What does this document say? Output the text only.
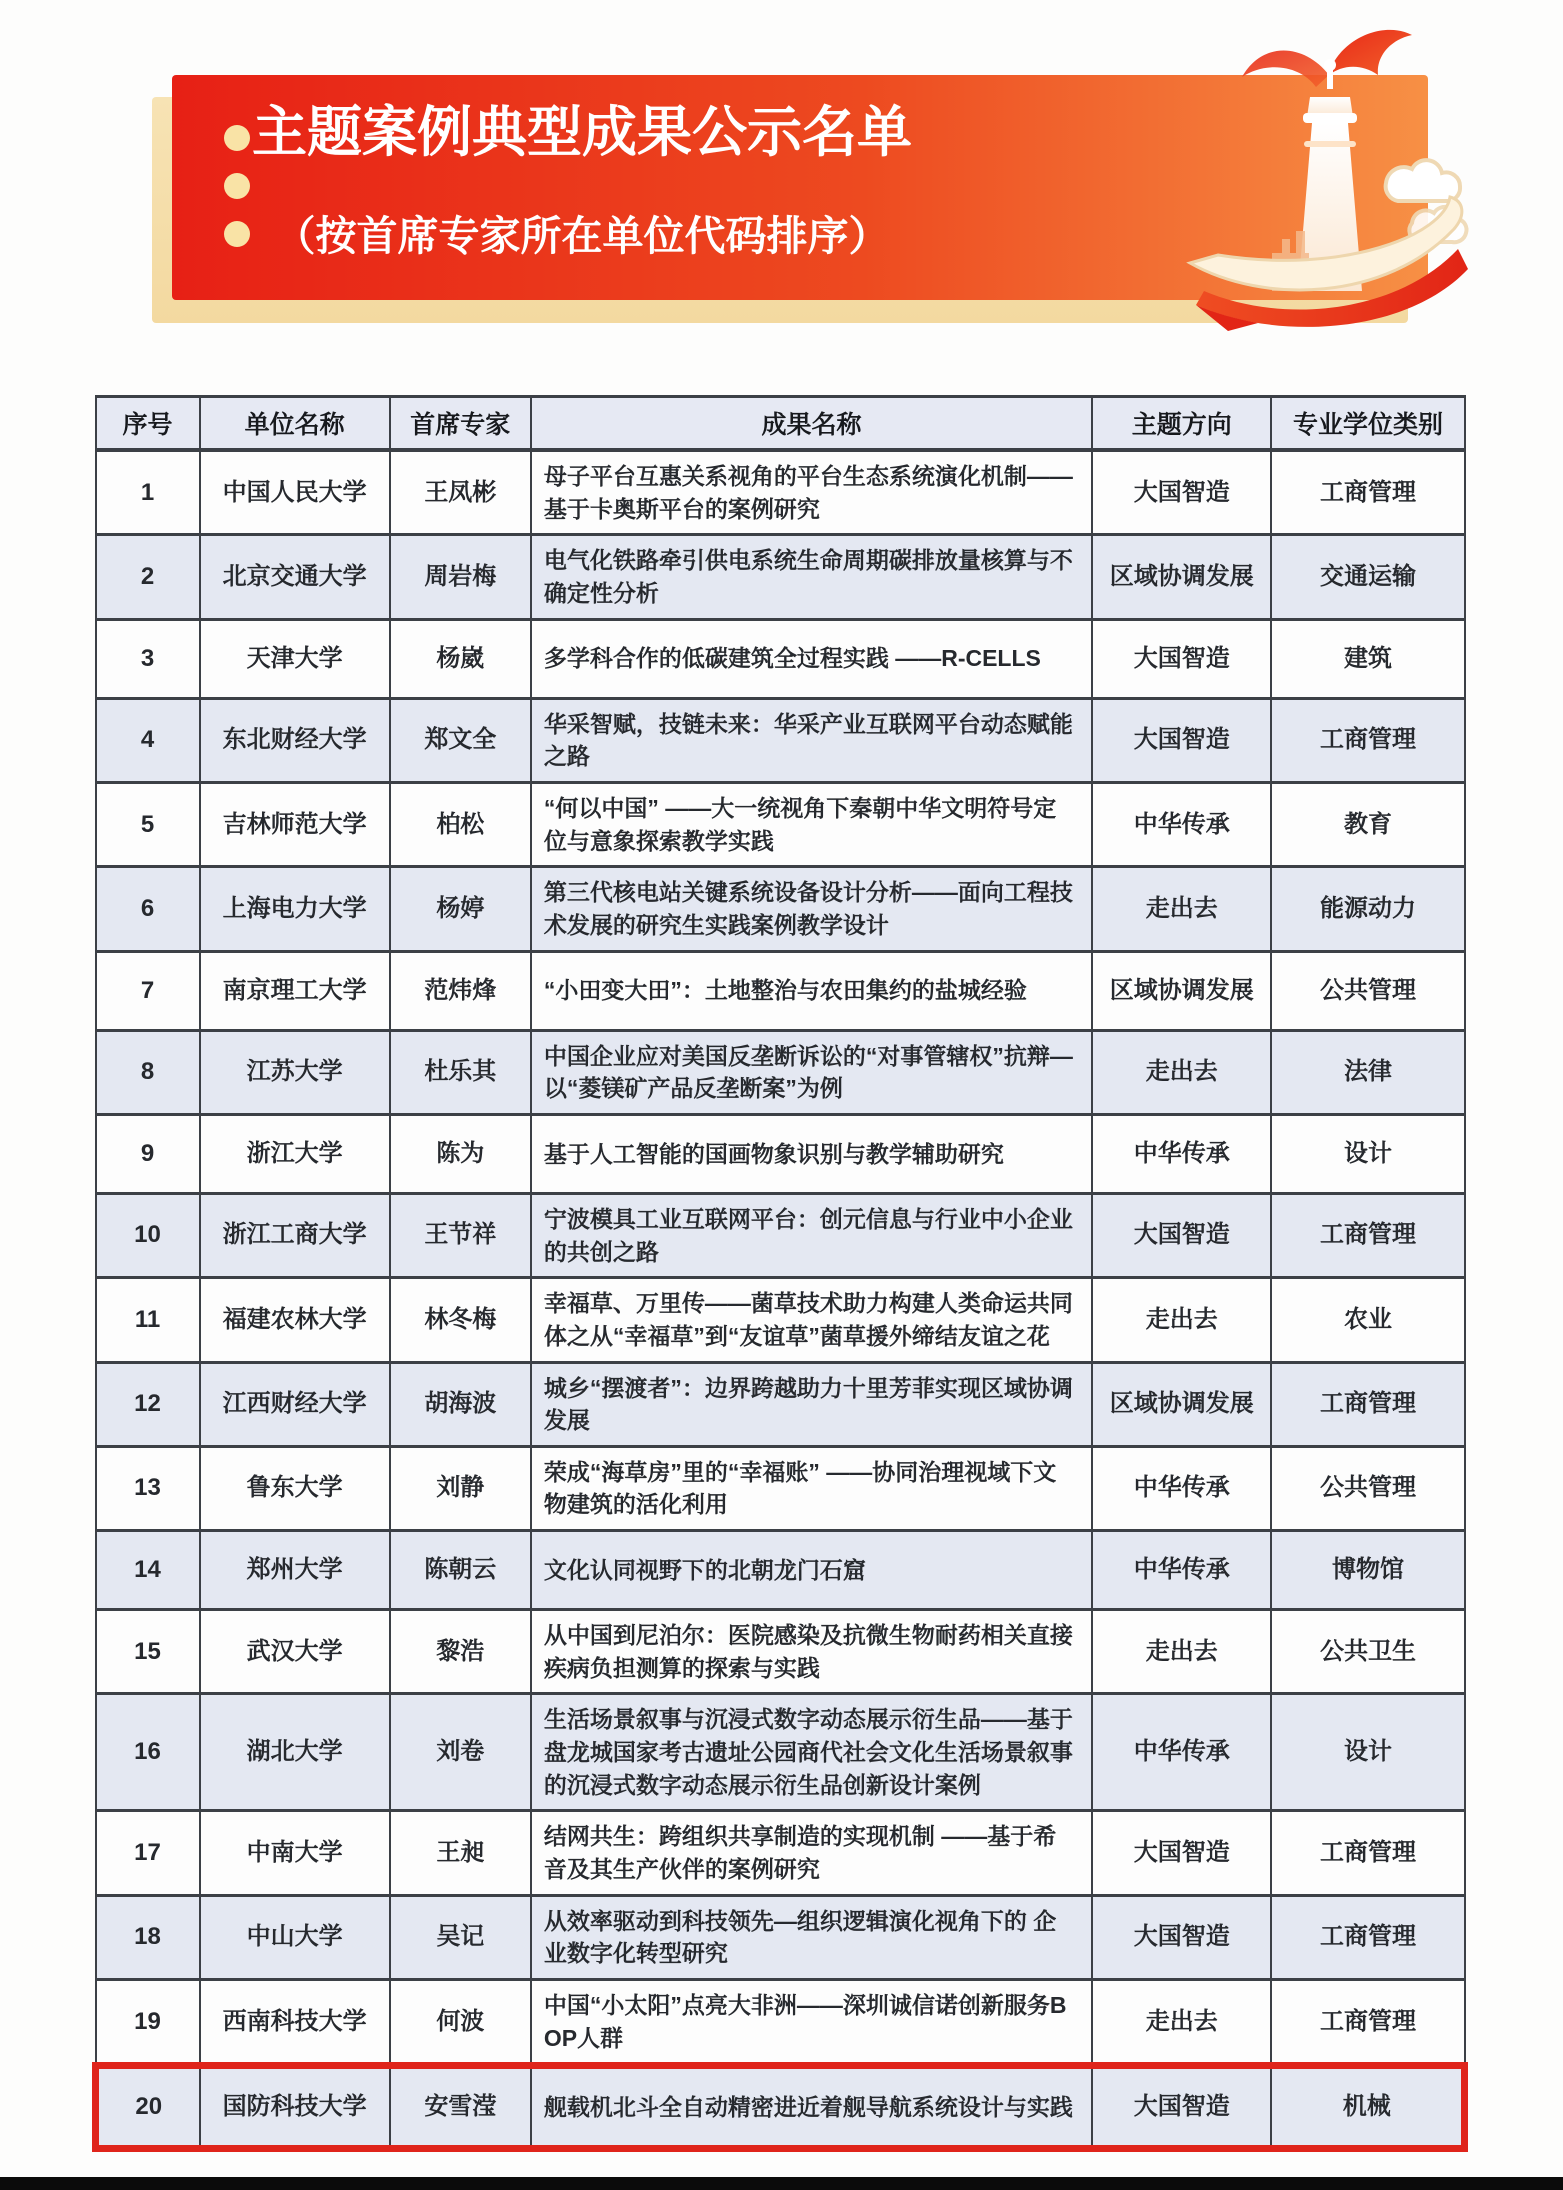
主题案例典型成果公示名单
（按首席专家所在单位代码排序）
序号	单位名称	首席专家	成果名称	主题方向	专业学位类别
1	中国人民大学	王凤彬	母子平台互惠关系视角的平台生态系统演化机制——基于卡奥斯平台的案例研究	大国智造	工商管理
2	北京交通大学	周岩梅	电气化铁路牵引供电系统生命周期碳排放量核算与不确定性分析	区域协调发展	交通运输
3	天津大学	杨崴	多学科合作的低碳建筑全过程实践 ——R-CELLS	大国智造	建筑
4	东北财经大学	郑文全	华采智赋，技链未来：华采产业互联网平台动态赋能之路	大国智造	工商管理
5	吉林师范大学	柏松	“何以中国” ——大一统视角下秦朝中华文明符号定位与意象探索教学实践	中华传承	教育
6	上海电力大学	杨婷	第三代核电站关键系统设备设计分析——面向工程技术发展的研究生实践案例教学设计	走出去	能源动力
7	南京理工大学	范炜烽	“小田变大田”：土地整治与农田集约的盐城经验	区域协调发展	公共管理
8	江苏大学	杜乐其	中国企业应对美国反垄断诉讼的“对事管辖权”抗辩—以“菱镁矿产品反垄断案”为例	走出去	法律
9	浙江大学	陈为	基于人工智能的国画物象识别与教学辅助研究	中华传承	设计
10	浙江工商大学	王节祥	宁波模具工业互联网平台：创元信息与行业中小企业的共创之路	大国智造	工商管理
11	福建农林大学	林冬梅	幸福草、万里传——菌草技术助力构建人类命运共同体之从“幸福草”到“友谊草”菌草援外缔结友谊之花	走出去	农业
12	江西财经大学	胡海波	城乡“摆渡者”：边界跨越助力十里芳菲实现区域协调发展	区域协调发展	工商管理
13	鲁东大学	刘静	荣成“海草房”里的“幸福账” ——协同治理视域下文物建筑的活化利用	中华传承	公共管理
14	郑州大学	陈朝云	文化认同视野下的北朝龙门石窟	中华传承	博物馆
15	武汉大学	黎浩	从中国到尼泊尔：医院感染及抗微生物耐药相关直接疾病负担测算的探索与实践	走出去	公共卫生
16	湖北大学	刘卷	生活场景叙事与沉浸式数字动态展示衍生品——基于盘龙城国家考古遗址公园商代社会文化生活场景叙事的沉浸式数字动态展示衍生品创新设计案例	中华传承	设计
17	中南大学	王昶	结网共生：跨组织共享制造的实现机制 ——基于希音及其生产伙伴的案例研究	大国智造	工商管理
18	中山大学	吴记	从效率驱动到科技领先—组织逻辑演化视角下的 企业数字化转型研究	大国智造	工商管理
19	西南科技大学	何波	中国“小太阳”点亮大非洲——深圳诚信诺创新服务BOP人群	走出去	工商管理
20	国防科技大学	安雪滢	舰载机北斗全自动精密进近着舰导航系统设计与实践	大国智造	机械
